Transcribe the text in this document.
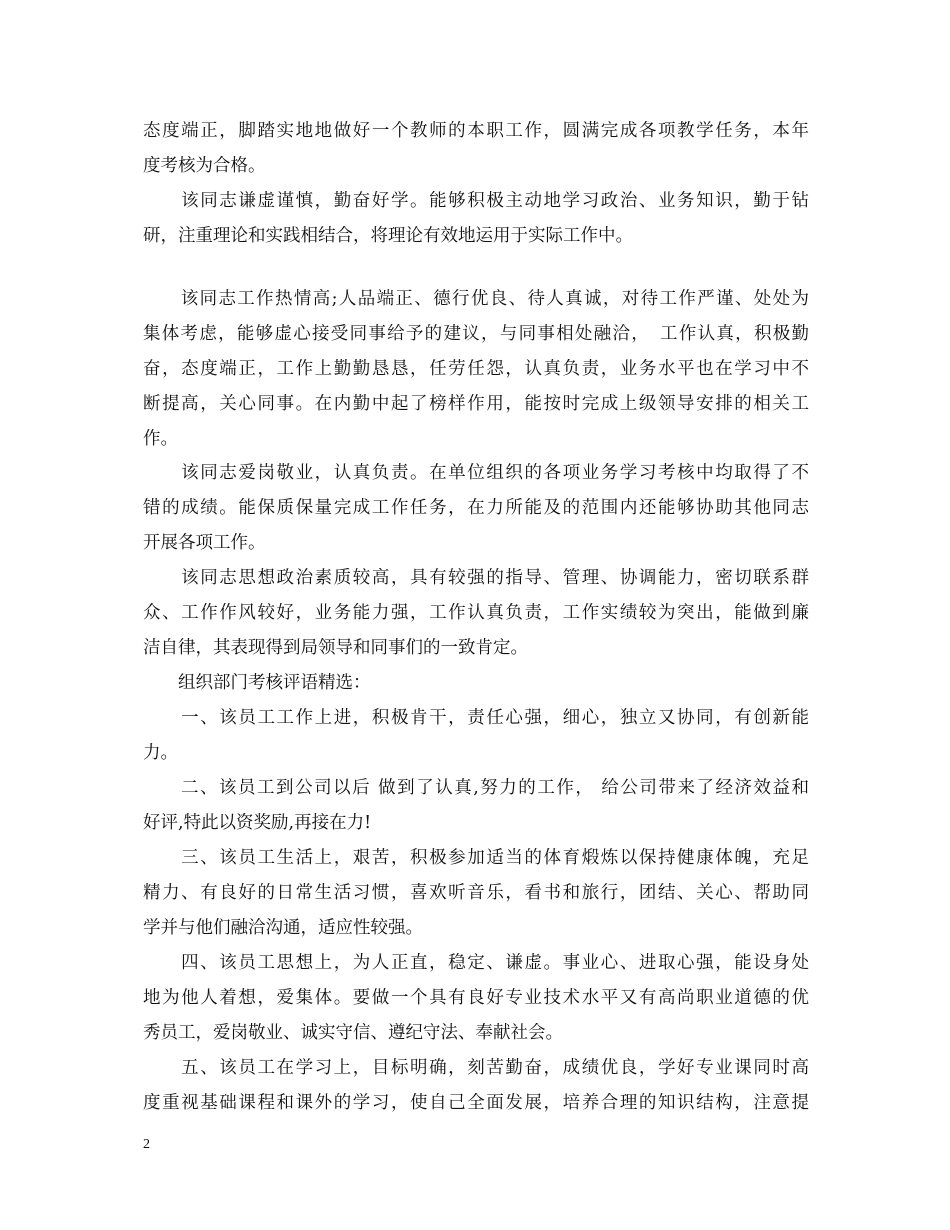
态度端正，脚踏实地地做好一个教师的本职工作，圆满完成各项教学任务，本年
度考核为合格。
　　该同志谦虚谨慎，勤奋好学。能够积极主动地学习政治、业务知识，勤于钻
研，注重理论和实践相结合，将理论有效地运用于实际工作中。
　　该同志工作热情高;人品端正、德行优良、待人真诚，对待工作严谨、处处为
集体考虑，能够虚心接受同事给予的建议，与同事相处融洽，　工作认真，积极勤
奋，态度端正，工作上勤勤恳恳，任劳任怨，认真负责，业务水平也在学习中不
断提高，关心同事。在内勤中起了榜样作用，能按时完成上级领导安排的相关工
作。
　　该同志爱岗敬业，认真负责。在单位组织的各项业务学习考核中均取得了不
错的成绩。能保质保量完成工作任务，在力所能及的范围内还能够协助其他同志
开展各项工作。
　　该同志思想政治素质较高，具有较强的指导、管理、协调能力，密切联系群
众、工作作风较好，业务能力强，工作认真负责，工作实绩较为突出，能做到廉
洁自律，其表现得到局领导和同事们的一致肯定。
　　组织部门考核评语精选：
　　一、该员工工作上进，积极肯干，责任心强，细心，独立又协同，有创新能
力。
　　二、该员工到公司以后 做到了认真,努力的工作， 给公司带来了经济效益和
好评,特此以资奖励,再接在力!
　　三、该员工生活上，艰苦，积极参加适当的体育煅炼以保持健康体魄，充足
精力、有良好的日常生活习惯，喜欢听音乐，看书和旅行，团结、关心、帮助同
学并与他们融洽沟通，适应性较强。
　　四、该员工思想上，为人正直，稳定、谦虚。事业心、进取心强，能设身处
地为他人着想，爱集体。要做一个具有良好专业技术水平又有高尚职业道德的优
秀员工，爱岗敬业、诚实守信、遵纪守法、奉献社会。
　　五、该员工在学习上，目标明确，刻苦勤奋，成绩优良，学好专业课同时高
度重视基础课程和课外的学习，使自己全面发展，培养合理的知识结构，注意提
2
